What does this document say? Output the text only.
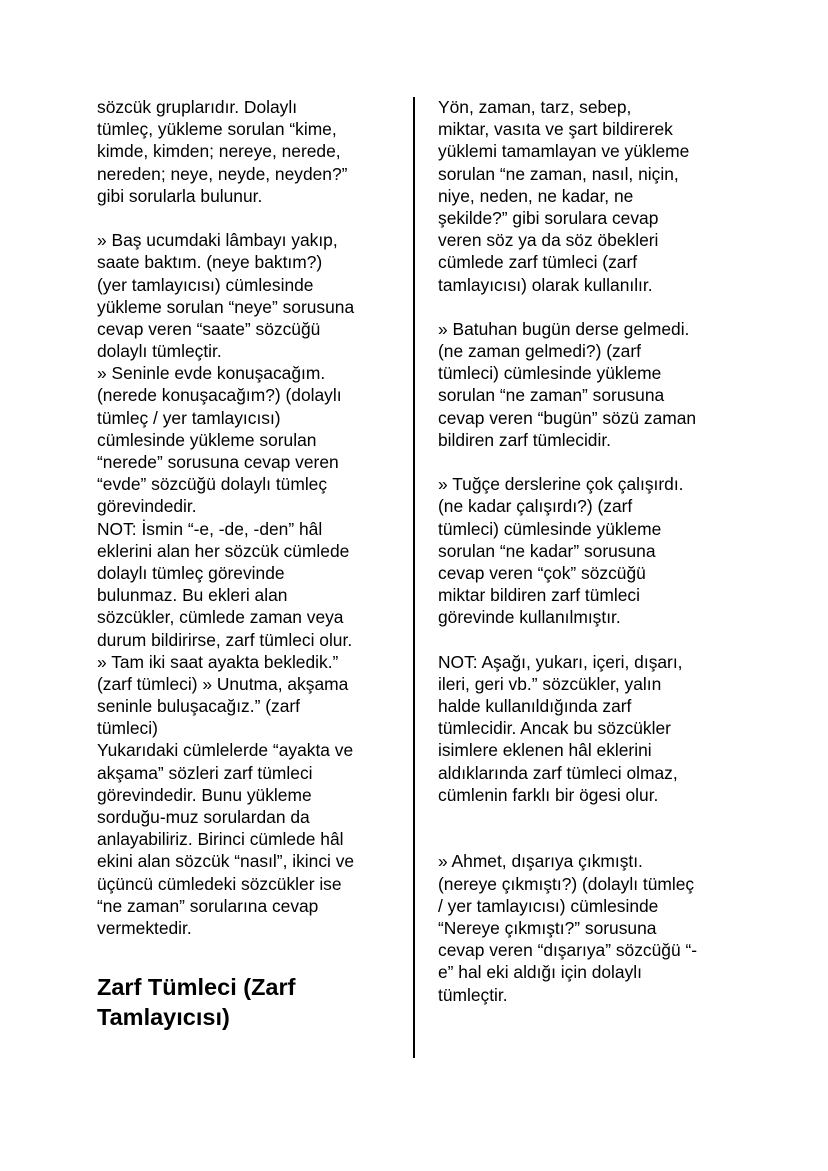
sözcük gruplarıdır. Dolaylı
tümleç, yükleme sorulan “kime,
kimde, kimden; nereye, nerede,
nereden; neye, neyde, neyden?”
gibi sorularla bulunur.
» Baş ucumdaki lâmbayı yakıp,
saate baktım. (neye baktım?)
(yer tamlayıcısı) cümlesinde
yükleme sorulan “neye” sorusuna
cevap veren “saate” sözcüğü
dolaylı tümleçtir.
» Seninle evde konuşacağım.
(nerede konuşacağım?) (dolaylı
tümleç / yer tamlayıcısı)
cümlesinde yükleme sorulan
“nerede” sorusuna cevap veren
“evde” sözcüğü dolaylı tümleç
görevindedir.
NOT: İsmin “-e, -de, -den” hâl
eklerini alan her sözcük cümlede
dolaylı tümleç görevinde
bulunmaz. Bu ekleri alan
sözcükler, cümlede zaman veya
durum bildirirse, zarf tümleci olur.
» Tam iki saat ayakta bekledik.”
(zarf tümleci) » Unutma, akşama
seninle buluşacağız.” (zarf
tümleci)
Yukarıdaki cümlelerde “ayakta ve
akşama” sözleri zarf tümleci
görevindedir. Bunu yükleme
sorduğu-muz sorulardan da
anlayabiliriz. Birinci cümlede hâl
ekini alan sözcük “nasıl”, ikinci ve
üçüncü cümledeki sözcükler ise
“ne zaman” sorularına cevap
vermektedir.
Zarf Tümleci (Zarf
Tamlayıcısı)
Yön, zaman, tarz, sebep,
miktar, vasıta ve şart bildirerek
yüklemi tamamlayan ve yükleme
sorulan “ne zaman, nasıl, niçin,
niye, neden, ne kadar, ne
şekilde?” gibi sorulara cevap
veren söz ya da söz öbekleri
cümlede zarf tümleci (zarf
tamlayıcısı) olarak kullanılır.
» Batuhan bugün derse gelmedi.
(ne zaman gelmedi?) (zarf
tümleci) cümlesinde yükleme
sorulan “ne zaman” sorusuna
cevap veren “bugün” sözü zaman
bildiren zarf tümlecidir.
» Tuğçe derslerine çok çalışırdı.
(ne kadar çalışırdı?) (zarf
tümleci) cümlesinde yükleme
sorulan “ne kadar” sorusuna
cevap veren “çok” sözcüğü
miktar bildiren zarf tümleci
görevinde kullanılmıştır.
NOT: Aşağı, yukarı, içeri, dışarı,
ileri, geri vb.” sözcükler, yalın
halde kullanıldığında zarf
tümlecidir. Ancak bu sözcükler
isimlere eklenen hâl eklerini
aldıklarında zarf tümleci olmaz,
cümlenin farklı bir ögesi olur.
» Ahmet, dışarıya çıkmıştı.
(nereye çıkmıştı?) (dolaylı tümleç
/ yer tamlayıcısı) cümlesinde
“Nereye çıkmıştı?” sorusuna
cevap veren “dışarıya” sözcüğü “-
e” hal eki aldığı için dolaylı
tümleçtir.
